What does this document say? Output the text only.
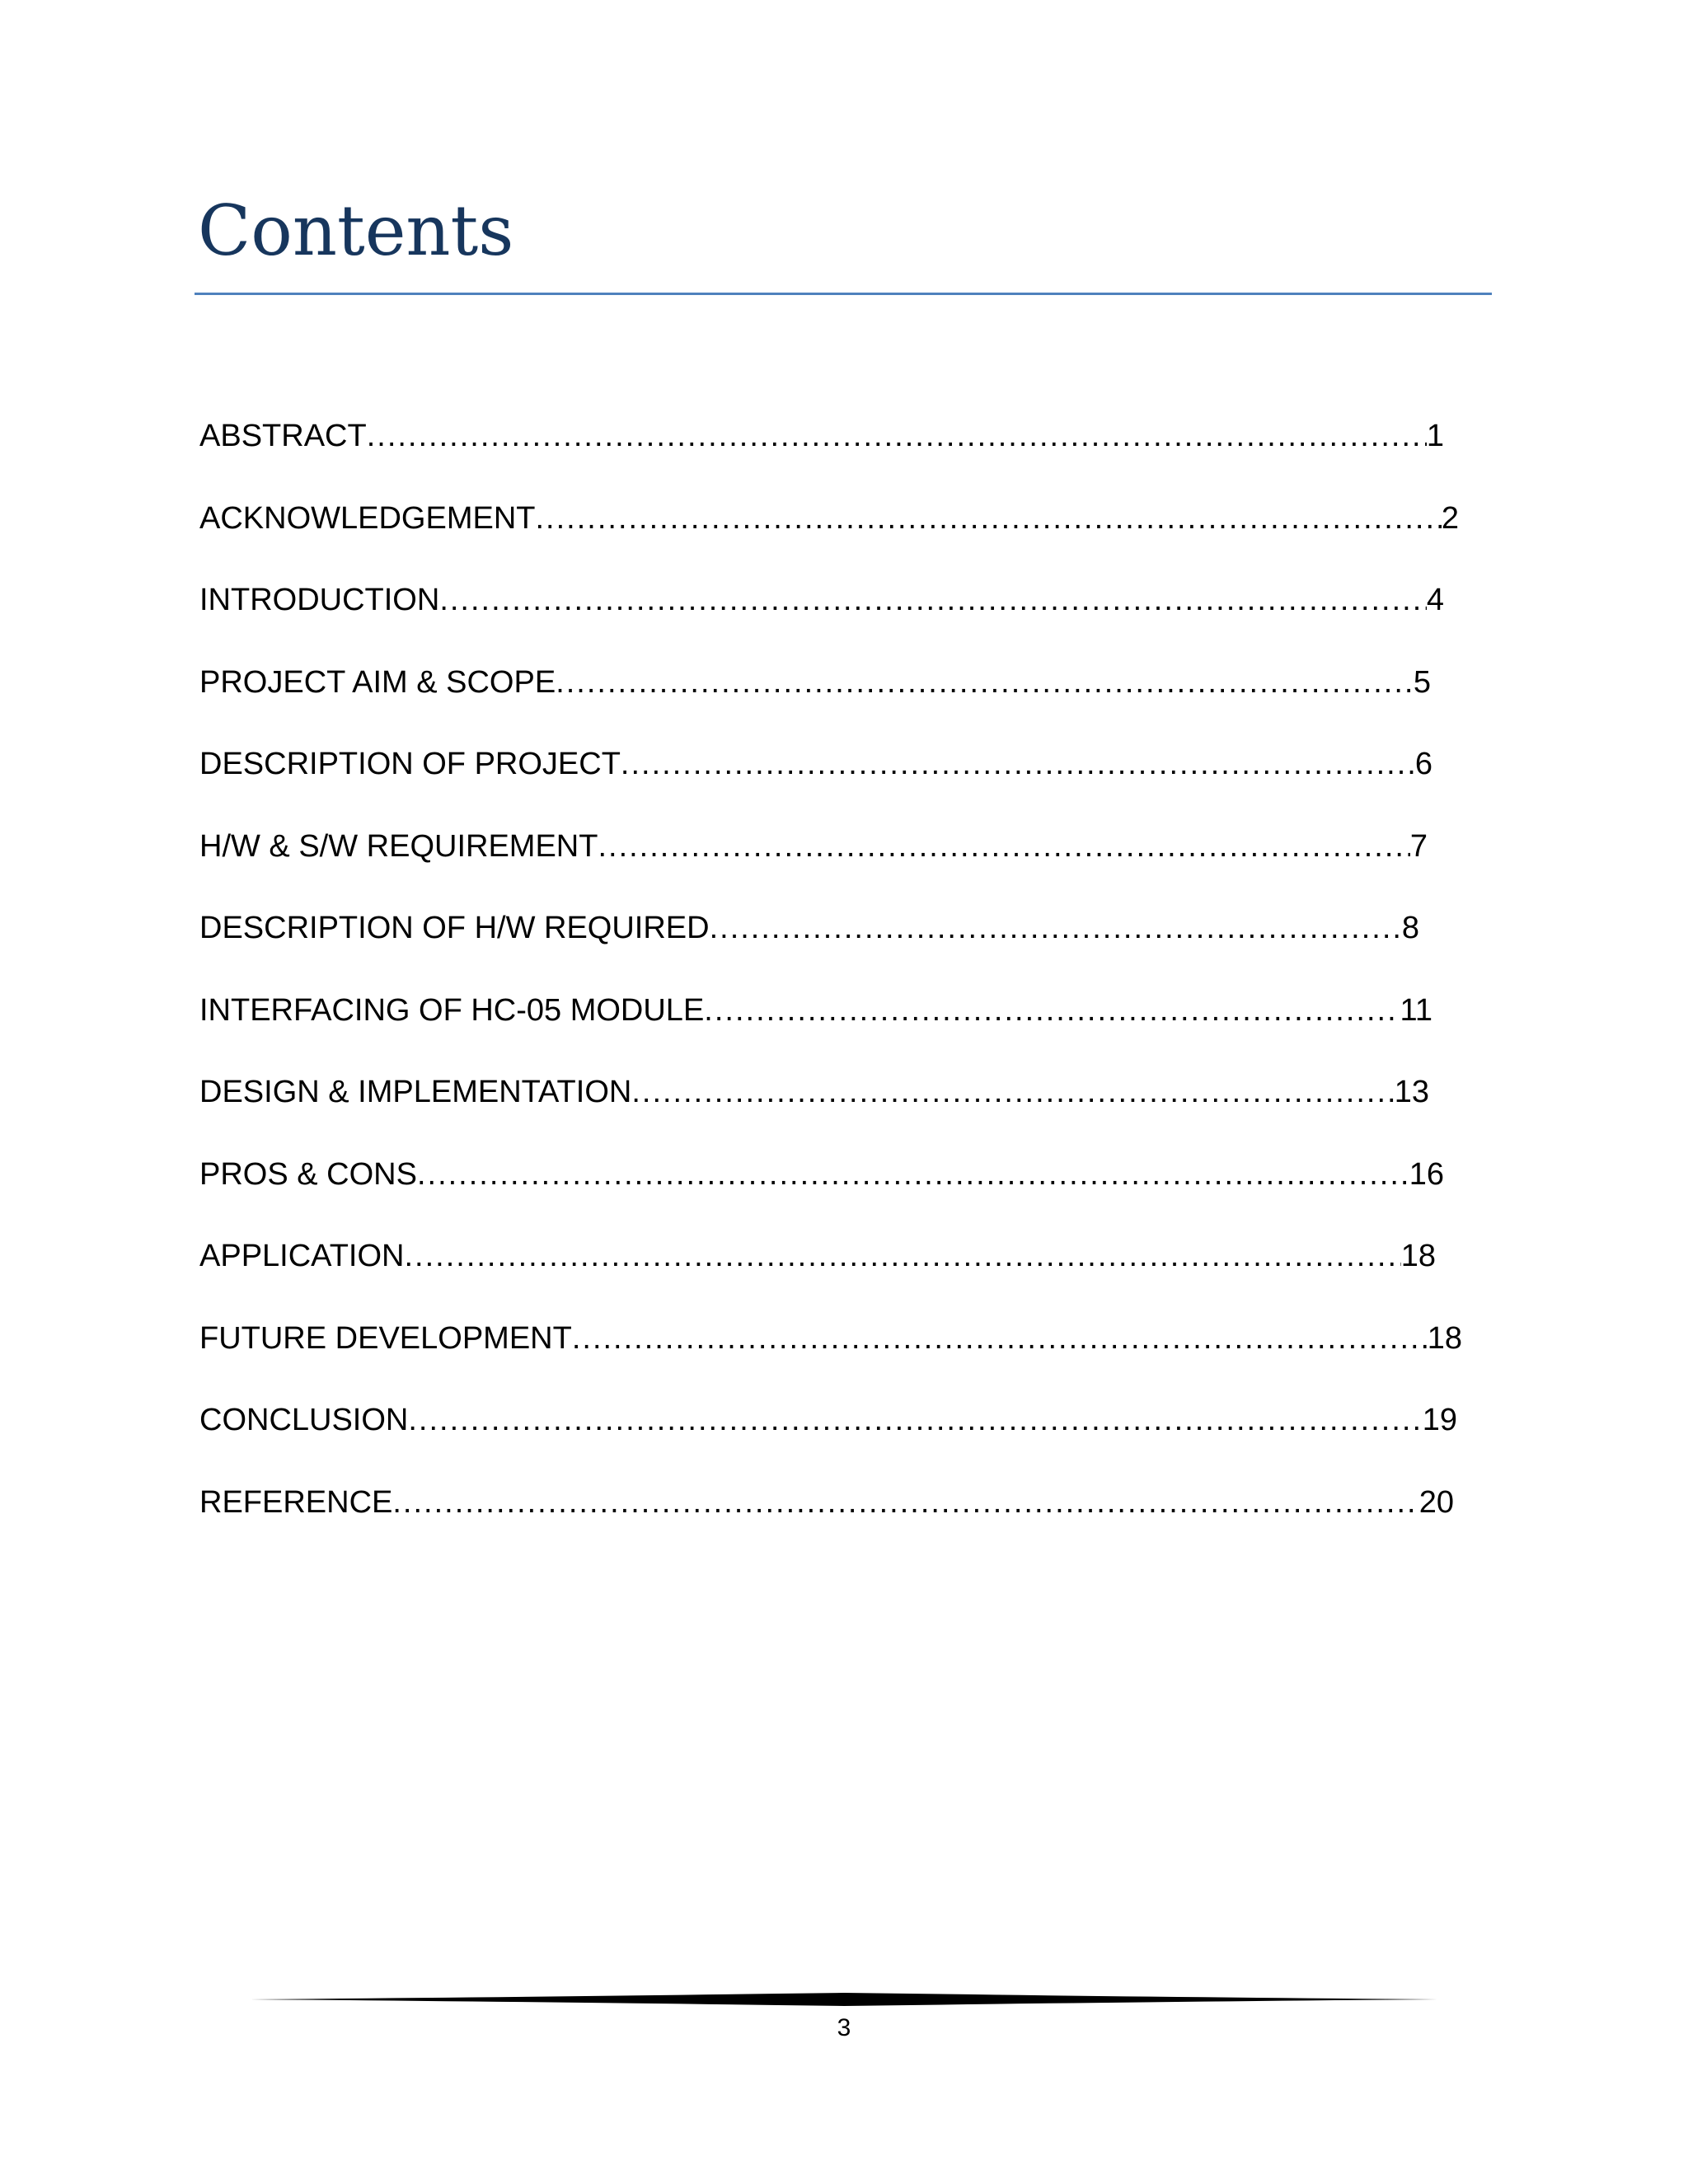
Contents
ABSTRACT .....	1
ACKNOWLEDGEMENT .....	2
INTRODUCTION .....	4
PROJECT AIM & SCOPE .....	5
DESCRIPTION OF PROJECT .....	6
H/W & S/W REQUIREMENT .....	7
DESCRIPTION OF H/W REQUIRED .....	8
INTERFACING OF HC-05 MODULE .....	11
DESIGN & IMPLEMENTATION .....	13
PROS & CONS .....	16
APPLICATION .....	18
FUTURE DEVELOPMENT .....	18
CONCLUSION .....	19
REFERENCE .....	20
3
